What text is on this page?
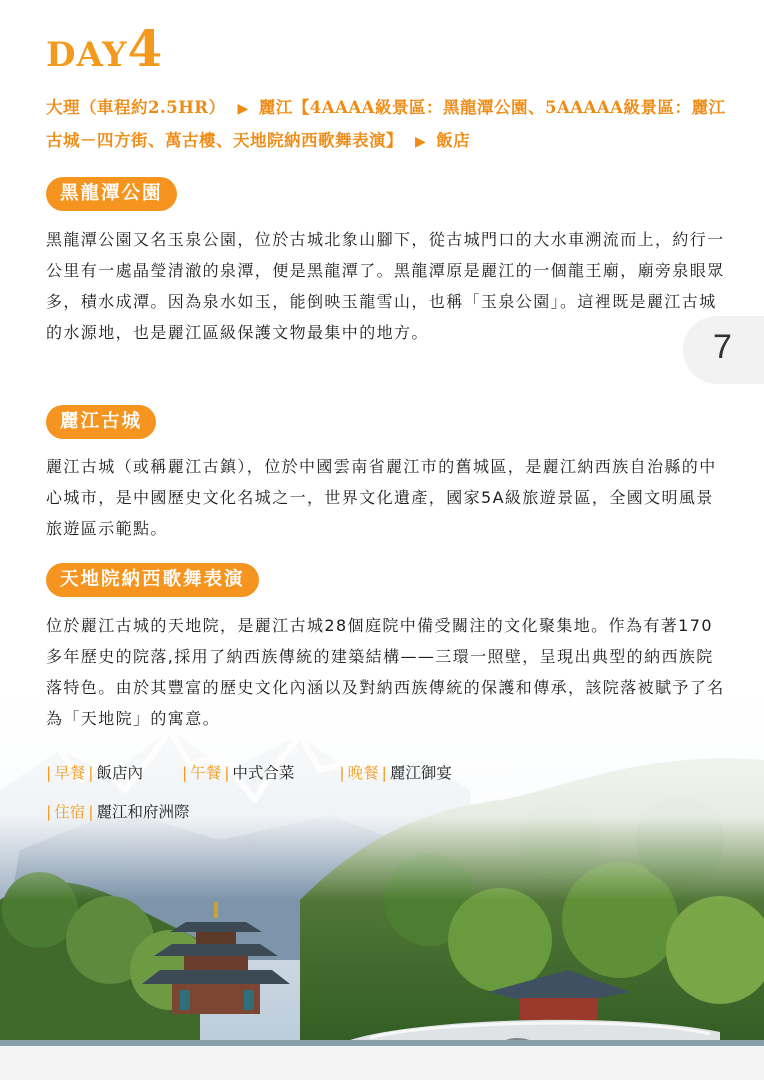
DAY4
大理（車程約2.5HR） ▶ 麗江【4AAAA級景區：黑龍潭公園、5AAAAA級景區：麗江古城－四方街、萬古樓、天地院納西歌舞表演】 ▶ 飯店
黑龍潭公園

黑龍潭公園又名玉泉公園，位於古城北象山腳下，從古城門口的大水車溯流而上，約行一公里有一處晶瑩清澈的泉潭，便是黑龍潭了。黑龍潭原是麗江的一個龍王廟，廟旁泉眼眾多，積水成潭。因為泉水如玉，能倒映玉龍雪山，也稱「玉泉公園」。這裡既是麗江古城的水源地，也是麗江區級保護文物最集中的地方。

麗江古城

麗江古城（或稱麗江古鎮），位於中國雲南省麗江市的舊城區，是麗江納西族自治縣的中心城市，是中國歷史文化名城之一，世界文化遺產，國家5A級旅遊景區，全國文明風景旅遊區示範點。

天地院納西歌舞表演

位於麗江古城的天地院，是麗江古城28個庭院中備受關注的文化聚集地。作為有著170多年歷史的院落,採用了納西族傳統的建築結構——三環一照壁，呈現出典型的納西族院落特色。由於其豐富的歷史文化內涵以及對納西族傳統的保護和傳承，該院落被賦予了名為「天地院」的寓意。

| 早餐 | 飯店內	| 午餐 | 中式合菜	| 晚餐 | 麗江御宴
| 住宿 | 麗江和府洲際
7
